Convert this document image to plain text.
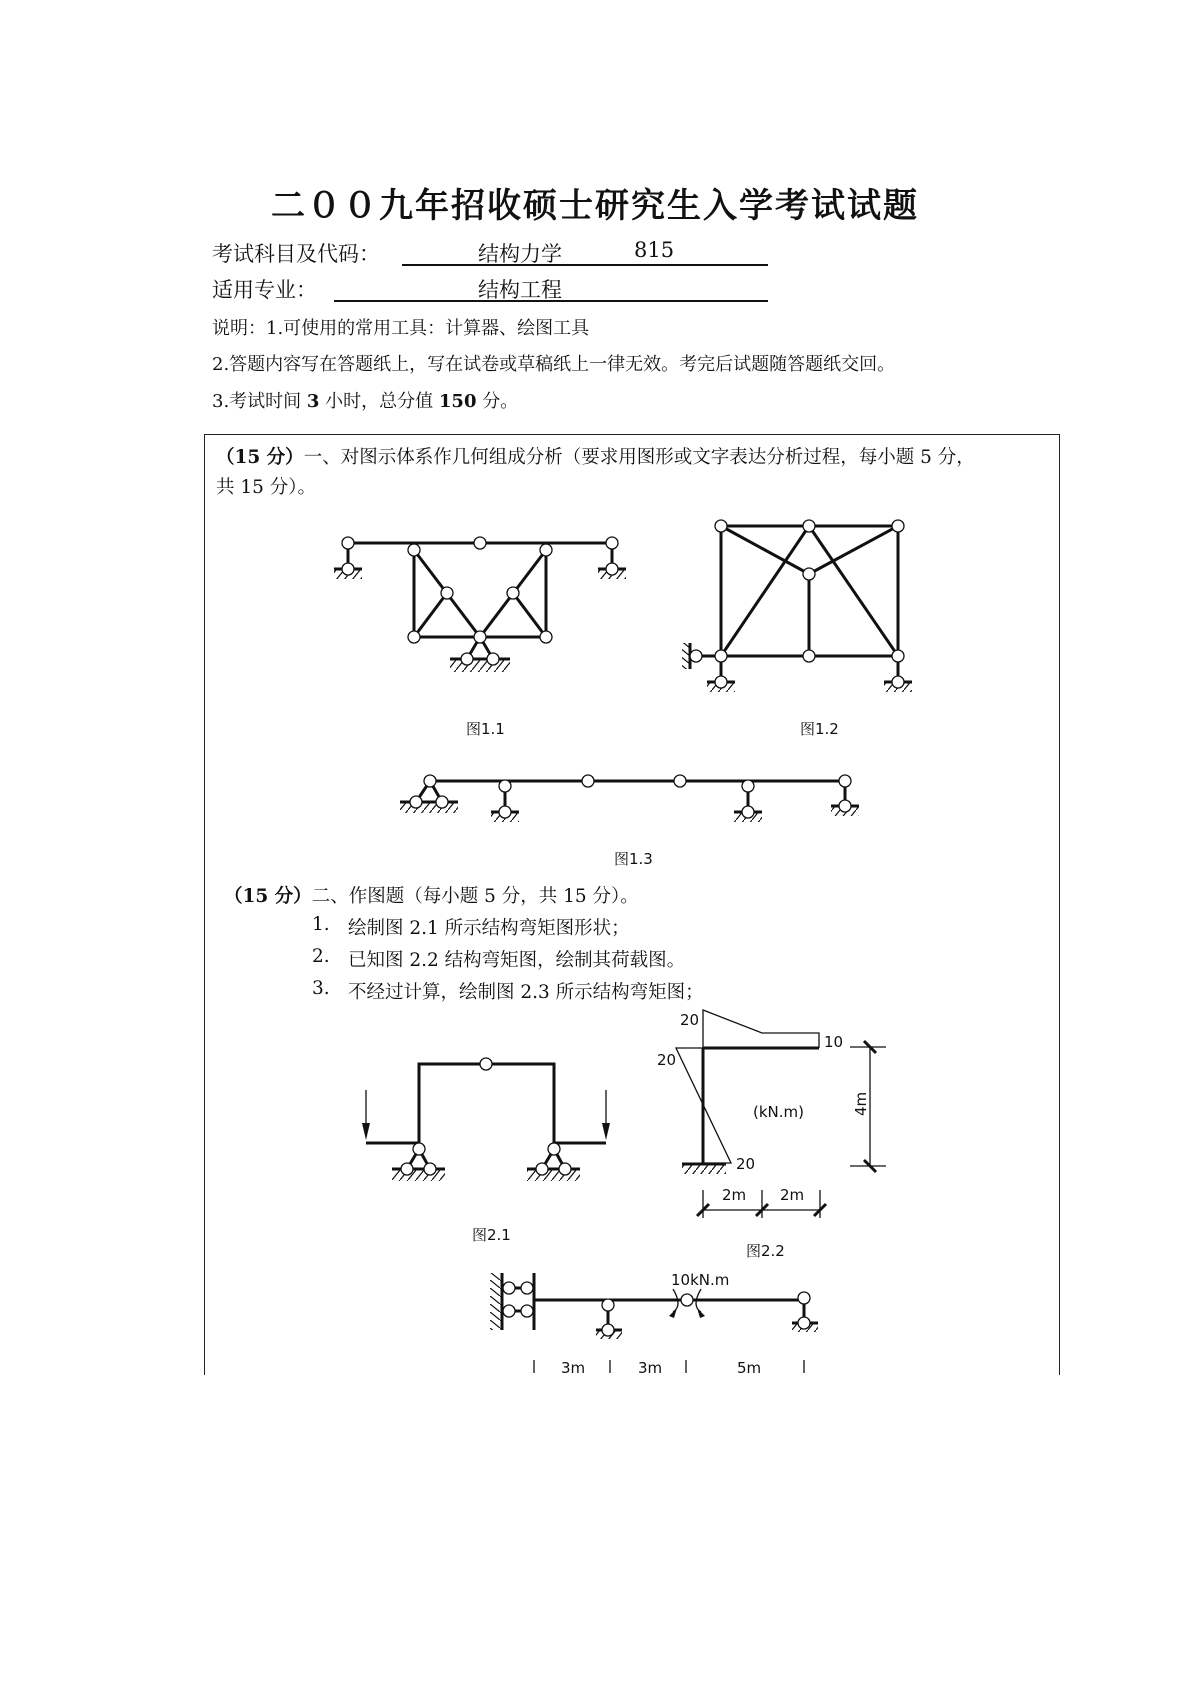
二００九年招收硕士研究生入学考试试题
考试科目及代码：	结构力学	815
适用专业：	结构工程
说明：1.可使用的常用工具：计算器、绘图工具
2.答题内容写在答题纸上，写在试卷或草稿纸上一律无效。考完后试题随答题纸交回。
3.考试时间 3 小时，总分值 150 分。
（15 分）一、对图示体系作几何组成分析（要求用图形或文字表达分析过程，每小题 5 分，
共 15 分）。
图1.1	图1.2
图1.3
（15 分）二、作图题（每小题 5 分，共 15 分）。
1. 绘制图 2.1 所示结构弯矩图形状；
2. 已知图 2.2 结构弯矩图，绘制其荷载图。
3. 不经过计算，绘制图 2.3 所示结构弯矩图；
图2.1
图2.2
20
10
20
20
(kN.m)	4m
2m 2m
10kN.m
3m	3m	5m
